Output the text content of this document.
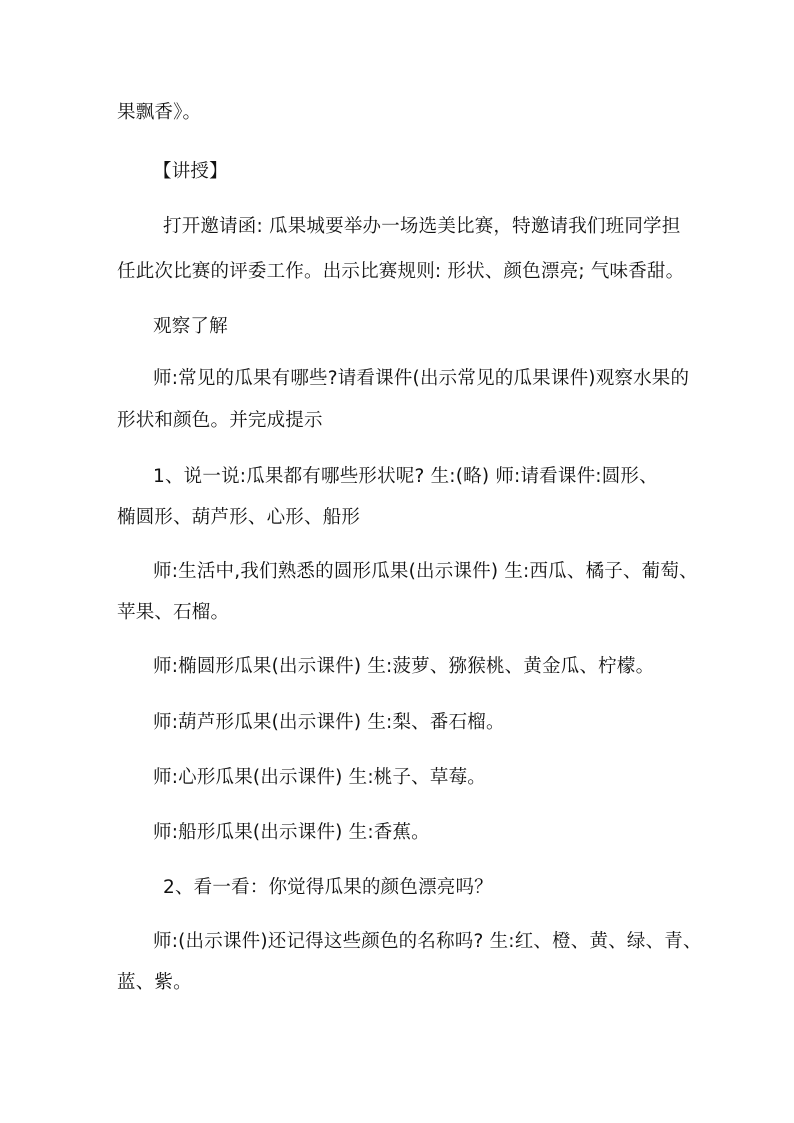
果飘香》。
【讲授】
打开邀请函: 瓜果城要举办一场选美比赛，特邀请我们班同学担
任此次比赛的评委工作。出示比赛规则: 形状、颜色漂亮; 气味香甜。
观察了解
师:常见的瓜果有哪些?请看课件(出示常见的瓜果课件)观察水果的
形状和颜色。并完成提示
1、说一说:瓜果都有哪些形状呢? 生:(略) 师:请看课件:圆形、
椭圆形、葫芦形、心形、船形
师:生活中,我们熟悉的圆形瓜果(出示课件) 生:西瓜、橘子、葡萄、
苹果、石榴。
师:椭圆形瓜果(出示课件) 生:菠萝、猕猴桃、黄金瓜、柠檬。
师:葫芦形瓜果(出示课件) 生:梨、番石榴。
师:心形瓜果(出示课件) 生:桃子、草莓。
师:船形瓜果(出示课件) 生:香蕉。
2、看一看：你觉得瓜果的颜色漂亮吗？
师:(出示课件)还记得这些颜色的名称吗? 生:红、橙、黄、绿、青、
蓝、紫。
